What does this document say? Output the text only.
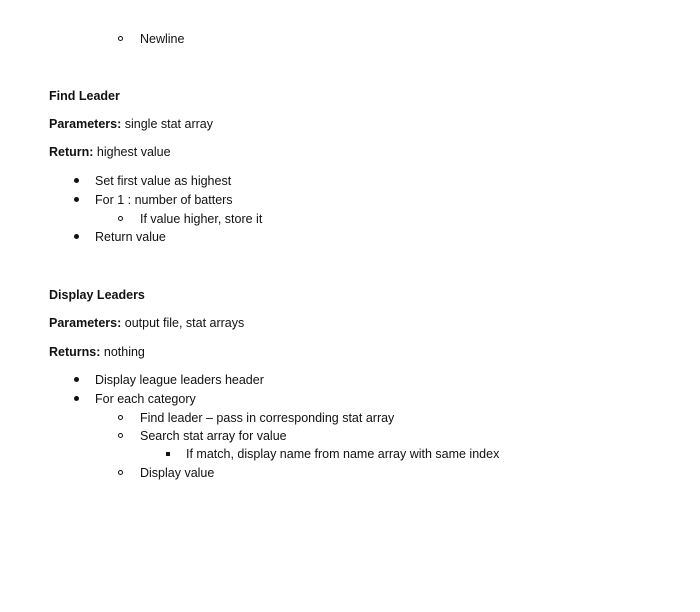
Newline
Find Leader
Parameters: single stat array
Return: highest value
Set first value as highest
For 1 : number of batters
If value higher, store it
Return value
Display Leaders
Parameters: output file, stat arrays
Returns: nothing
Display league leaders header
For each category
Find leader – pass in corresponding stat array
Search stat array for value
If match, display name from name array with same index
Display value
